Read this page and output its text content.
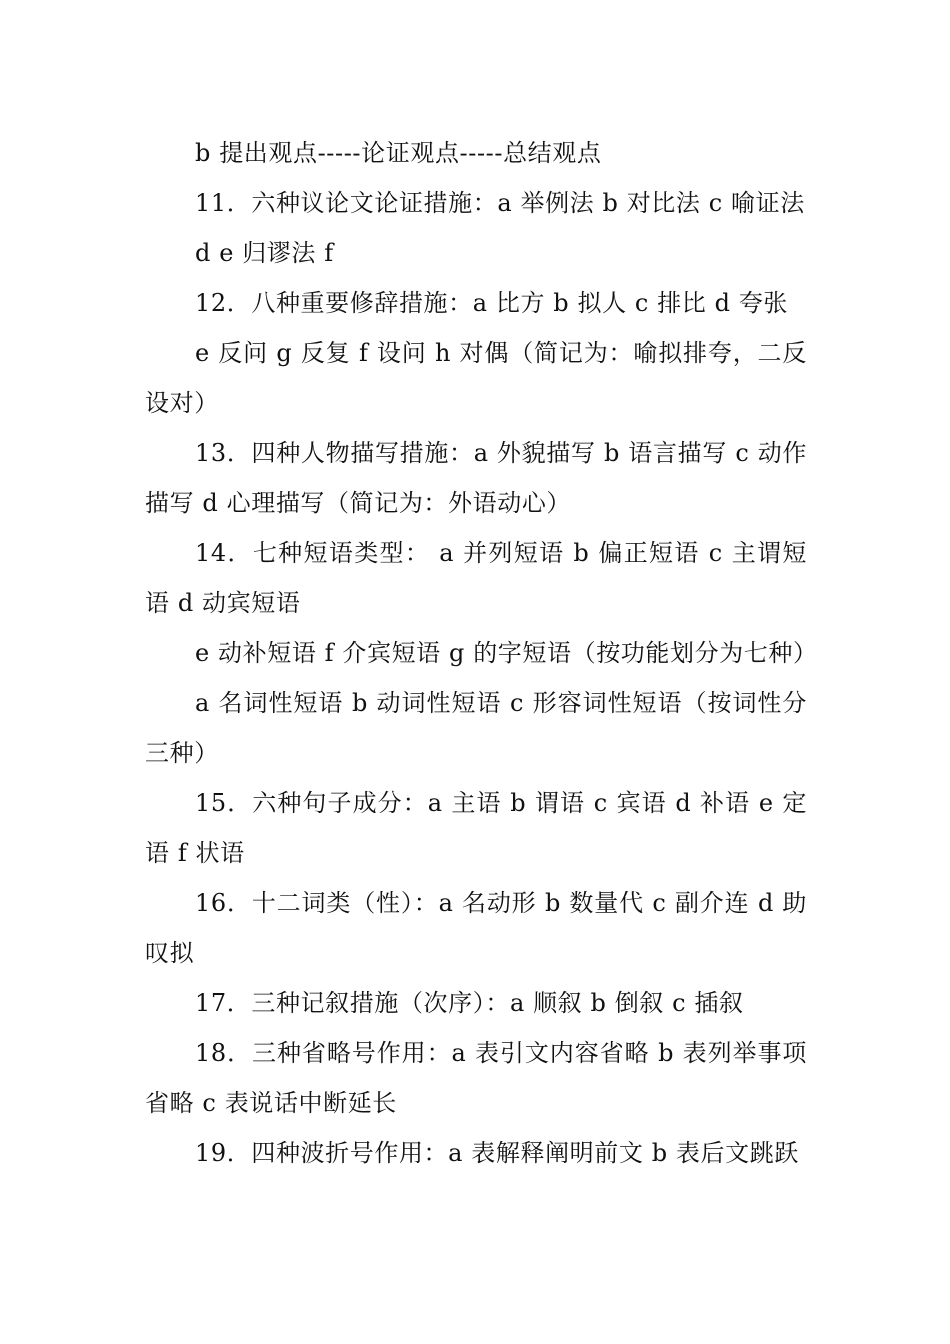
b 提出观点-----论证观点-----总结观点

11．六种议论文论证措施：a 举例法 b 对比法 c 喻证法

d e 归谬法 f

12．八种重要修辞措施：a 比方 b 拟人 c 排比 d 夸张

e 反问 g 反复 f 设问 h 对偶（简记为：喻拟排夸，二反设对）

13．四种人物描写措施：a 外貌描写 b 语言描写 c 动作描写 d 心理描写（简记为：外语动心）

14．七种短语类型： a 并列短语 b 偏正短语 c 主谓短语 d 动宾短语

e 动补短语 f 介宾短语 g 的字短语（按功能划分为七种）

a 名词性短语 b 动词性短语 c 形容词性短语（按词性分三种）

15．六种句子成分：a 主语 b 谓语 c 宾语 d 补语 e 定语 f 状语

16．十二词类（性）：a 名动形 b 数量代 c 副介连 d 助叹拟

17．三种记叙措施（次序）：a 顺叙 b 倒叙 c 插叙

18．三种省略号作用：a 表引文内容省略 b 表列举事项省略 c 表说话中断延长

19．四种波折号作用：a 表解释阐明前文 b 表后文跳跃
